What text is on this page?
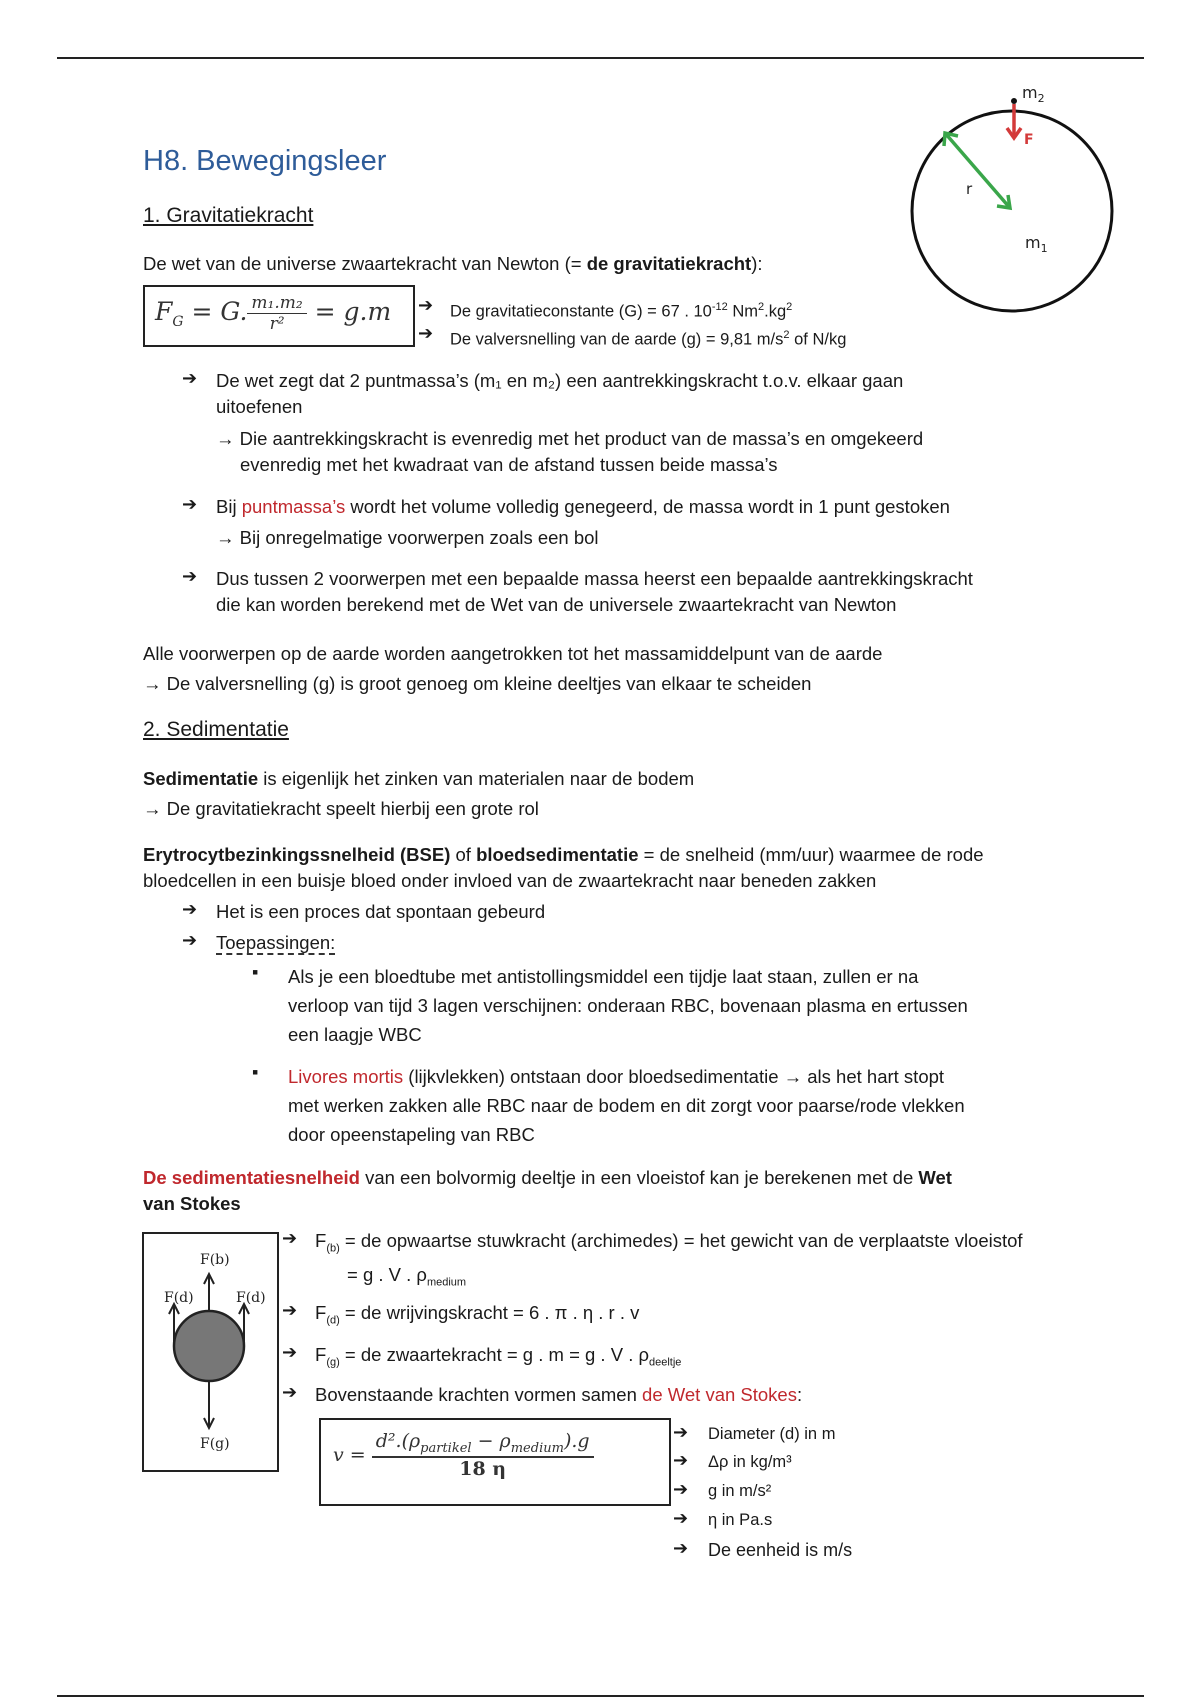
$m_2$
F
r
$m_1$
H8. Bewegingsleer
1. Gravitatiekracht
De wet van de universe zwaartekracht van Newton (= de gravitatiekracht):
$F_G = G$. $\frac{\text{m₁.m₂}}{\text{r²}} = g.m$ ➔ De gravitatieconstante (G) = 67 . $10^{-12}$ $Nm^2.kg^2$
➔ De valversnelling van de aarde (g) = 9,81 $m/s^2$ of N/kg
➔ De wet zegt dat 2 puntmassa’s (m₁ en m₂) een aantrekkingskracht t.o.v. elkaar gaan
uitoefenen
→ Die aantrekkingskracht is evenredig met het product van de massa’s en omgekeerd
evenredig met het kwadraat van de afstand tussen beide massa’s
➔ Bij puntmassa’s wordt het volume volledig genegeerd, de massa wordt in 1 punt gestoken
→ Bij onregelmatige voorwerpen zoals een bol
➔ Dus tussen 2 voorwerpen met een bepaalde massa heerst een bepaalde aantrekkingskracht
die kan worden berekend met de Wet van de universele zwaartekracht van Newton
Alle voorwerpen op de aarde worden aangetrokken tot het massamiddelpunt van de aarde
→ De valversnelling (g) is groot genoeg om kleine deeltjes van elkaar te scheiden
2. Sedimentatie
Sedimentatie is eigenlijk het zinken van materialen naar de bodem
→ De gravitatiekracht speelt hierbij een grote rol
Erytrocytbezinkingssnelheid (BSE) of bloedsedimentatie = de snelheid (mm/uur) waarmee de rode
bloedcellen in een buisje bloed onder invloed van de zwaartekracht naar beneden zakken
➔ Het is een proces dat spontaan gebeurd
➔ Toepassingen:
▪ Als je een bloedtube met antistollingsmiddel een tijdje laat staan, zullen er na
verloop van tijd 3 lagen verschijnen: onderaan RBC, bovenaan plasma en ertussen
een laagje WBC
▪ Livores mortis (lijkvlekken) ontstaan door bloedsedimentatie → als het hart stopt
met werken zakken alle RBC naar de bodem en dit zorgt voor paarse/rode vlekken
door opeenstapeling van RBC
De sedimentatiesnelheid van een bolvormig deeltje in een vloeistof kan je berekenen met de Wet
van Stokes
F(b)
F(d)	F(d)
F(g)
➔ $F_{(b)}$ = de opwaartse stuwkracht (archimedes) = het gewicht van de verplaatste vloeistof
= g . V . $\rho_{medium}$
➔ $F_{(d)}$ = de wrijvingskracht = 6 . π . η . r . v
➔ $F_{(g)}$ = de zwaartekracht = g . m = g . V . $\rho_{deeltje}$
➔ Bovenstaande krachten vormen samen de Wet van Stokes:
$v = \frac{d^2.(\rho_{partikel} - \rho_{medium}).g}{18 \eta}$	➔ Diameter (d) in m
➔ Δρ in kg/m³
➔ g in m/s²
➔ η in Pa.s
➔ De eenheid is m/s
